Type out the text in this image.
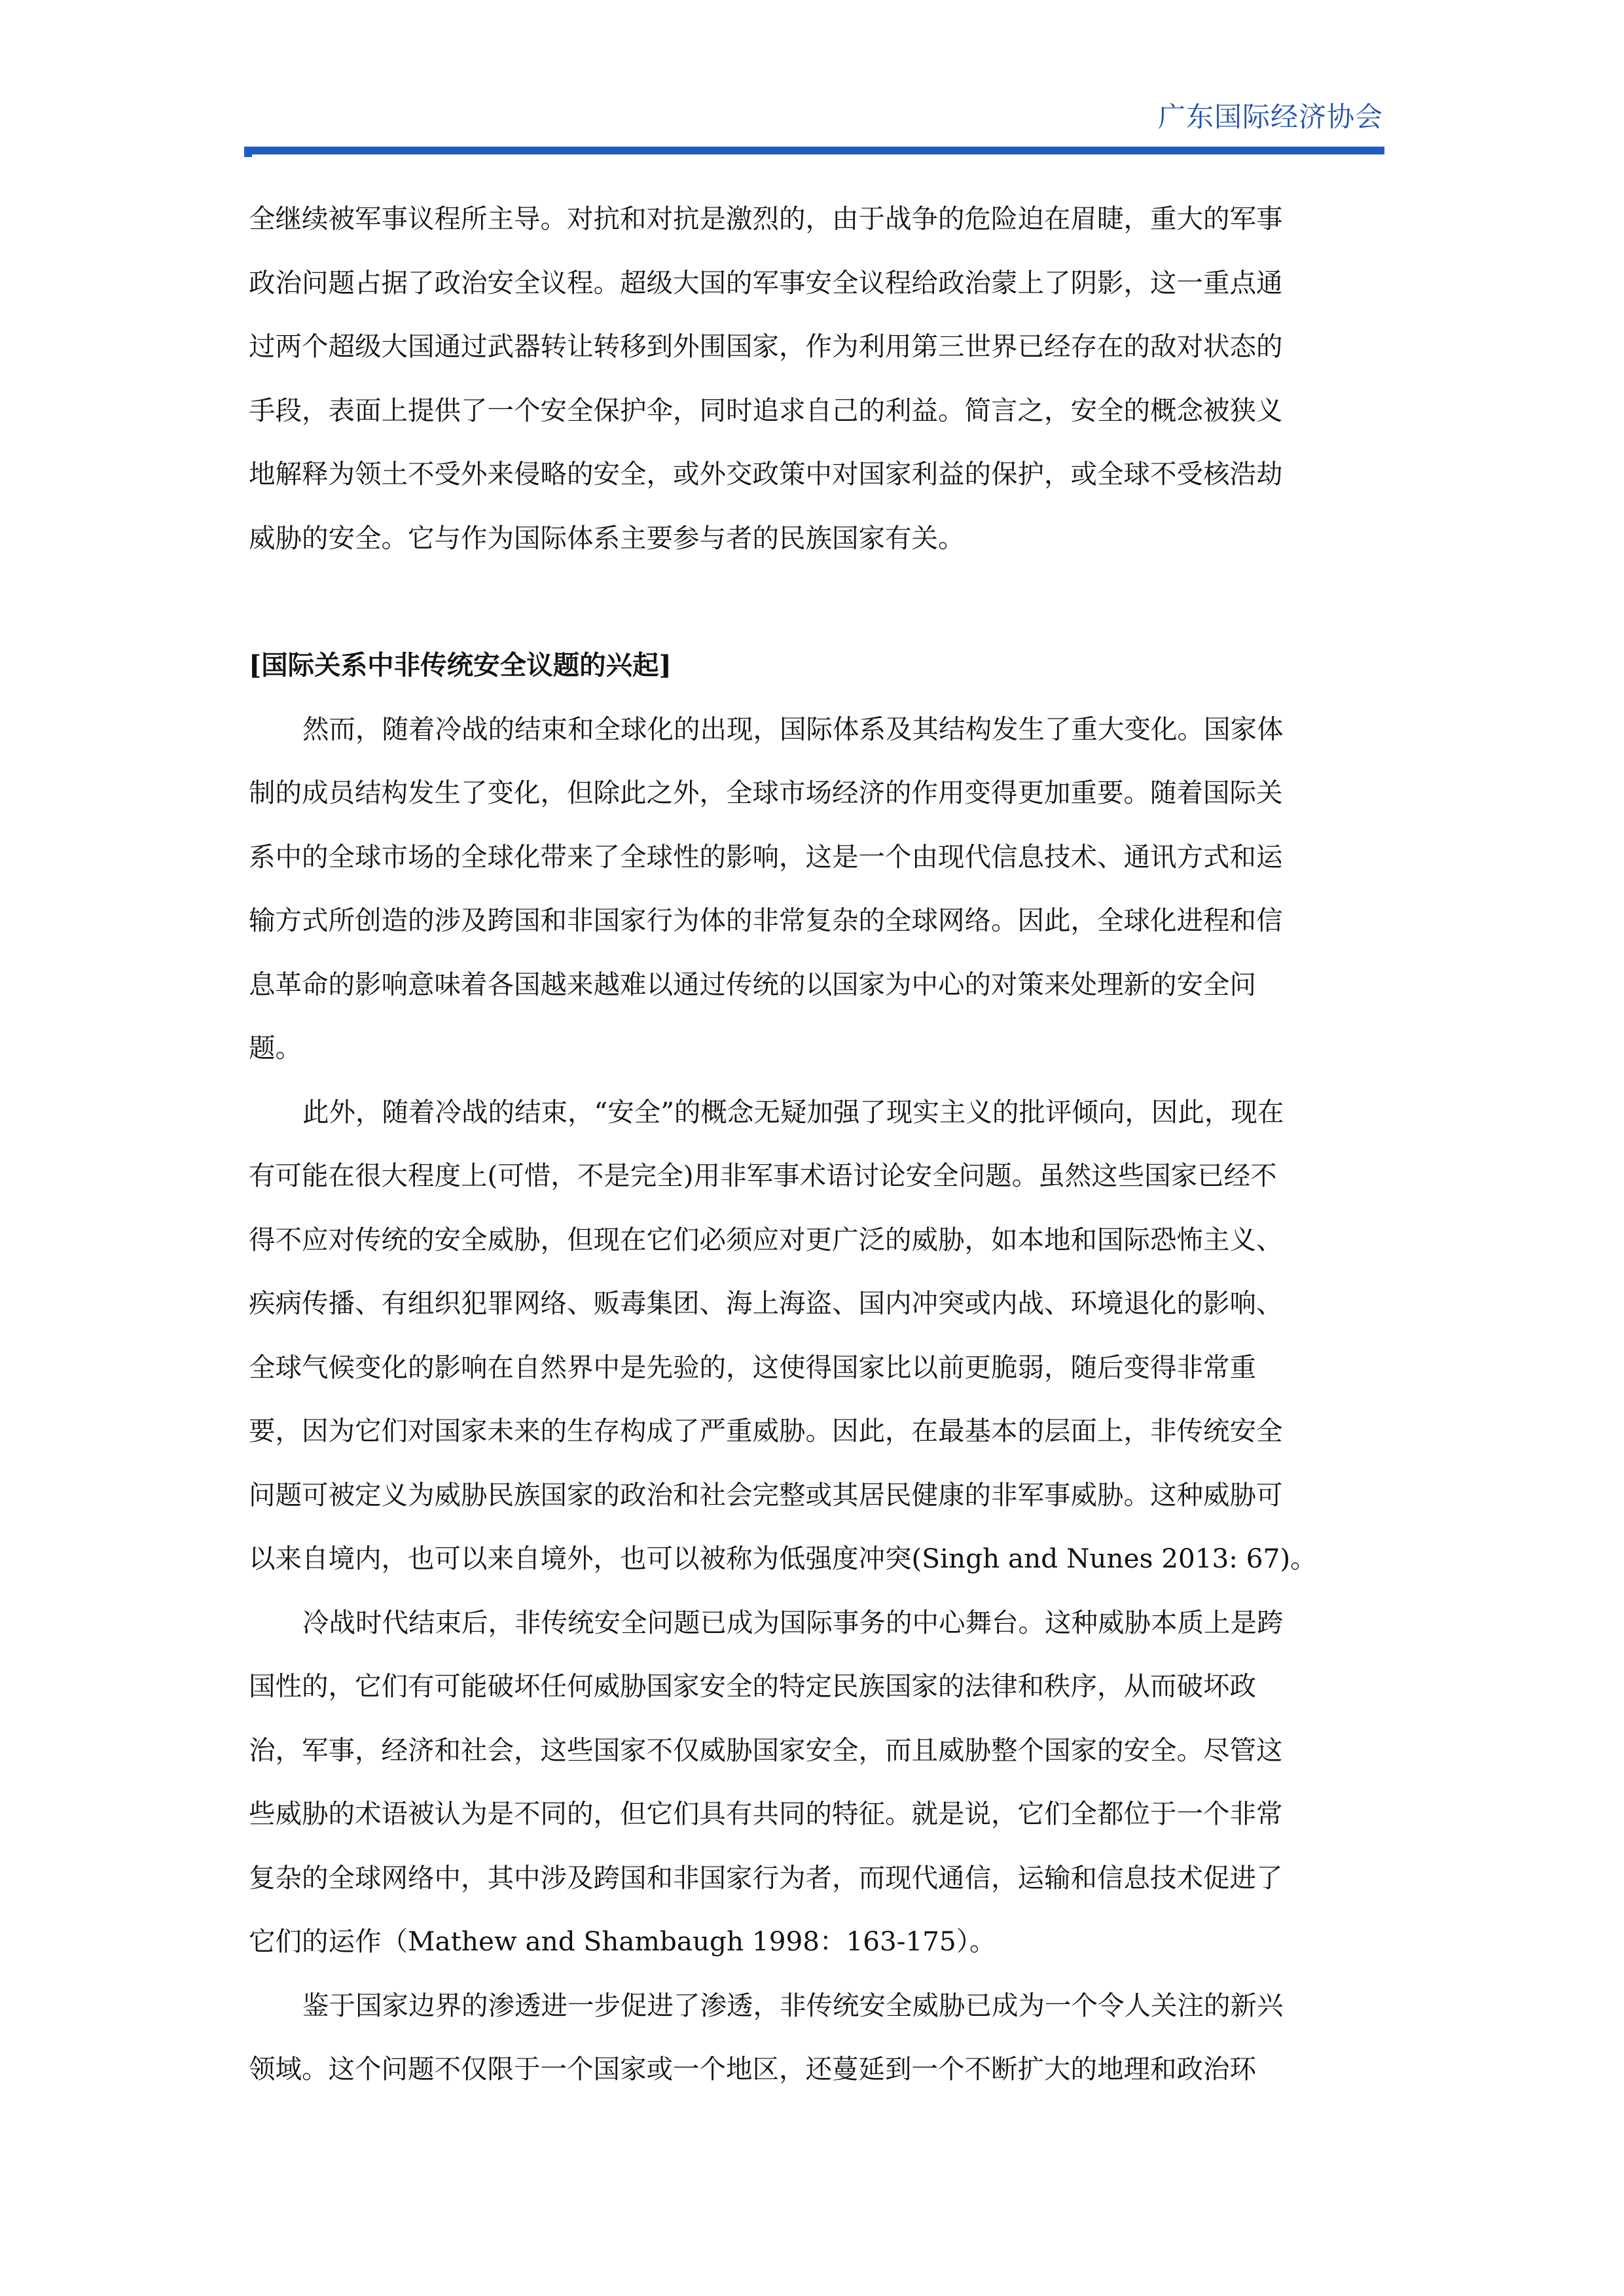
广东国际经济协会

全继续被军事议程所主导。对抗和对抗是激烈的，由于战争的危险迫在眉睫，重大的军事

政治问题占据了政治安全议程。超级大国的军事安全议程给政治蒙上了阴影，这一重点通

过两个超级大国通过武器转让转移到外围国家，作为利用第三世界已经存在的敌对状态的

手段，表面上提供了一个安全保护伞，同时追求自己的利益。简言之，安全的概念被狭义

地解释为领土不受外来侵略的安全，或外交政策中对国家利益的保护，或全球不受核浩劫

威胁的安全。它与作为国际体系主要参与者的民族国家有关。

[国际关系中非传统安全议题的兴起]

然而，随着冷战的结束和全球化的出现，国际体系及其结构发生了重大变化。国家体

制的成员结构发生了变化，但除此之外，全球市场经济的作用变得更加重要。随着国际关

系中的全球市场的全球化带来了全球性的影响，这是一个由现代信息技术、通讯方式和运

输方式所创造的涉及跨国和非国家行为体的非常复杂的全球网络。因此，全球化进程和信

息革命的影响意味着各国越来越难以通过传统的以国家为中心的对策来处理新的安全问

题。

此外，随着冷战的结束，“安全”的概念无疑加强了现实主义的批评倾向，因此，现在

有可能在很大程度上(可惜，不是完全)用非军事术语讨论安全问题。虽然这些国家已经不

得不应对传统的安全威胁，但现在它们必须应对更广泛的威胁，如本地和国际恐怖主义、

疾病传播、有组织犯罪网络、贩毒集团、海上海盗、国内冲突或内战、环境退化的影响、

全球气候变化的影响在自然界中是先验的，这使得国家比以前更脆弱，随后变得非常重

要，因为它们对国家未来的生存构成了严重威胁。因此，在最基本的层面上，非传统安全

问题可被定义为威胁民族国家的政治和社会完整或其居民健康的非军事威胁。这种威胁可

以来自境内，也可以来自境外，也可以被称为低强度冲突(Singh and Nunes 2013: 67)。

冷战时代结束后，非传统安全问题已成为国际事务的中心舞台。这种威胁本质上是跨

国性的，它们有可能破坏任何威胁国家安全的特定民族国家的法律和秩序，从而破坏政

治，军事，经济和社会，这些国家不仅威胁国家安全，而且威胁整个国家的安全。尽管这

些威胁的术语被认为是不同的，但它们具有共同的特征。就是说，它们全都位于一个非常

复杂的全球网络中，其中涉及跨国和非国家行为者，而现代通信，运输和信息技术促进了

它们的运作（Mathew and Shambaugh 1998：163-175）。

鉴于国家边界的渗透进一步促进了渗透，非传统安全威胁已成为一个令人关注的新兴

领域。这个问题不仅限于一个国家或一个地区，还蔓延到一个不断扩大的地理和政治环
